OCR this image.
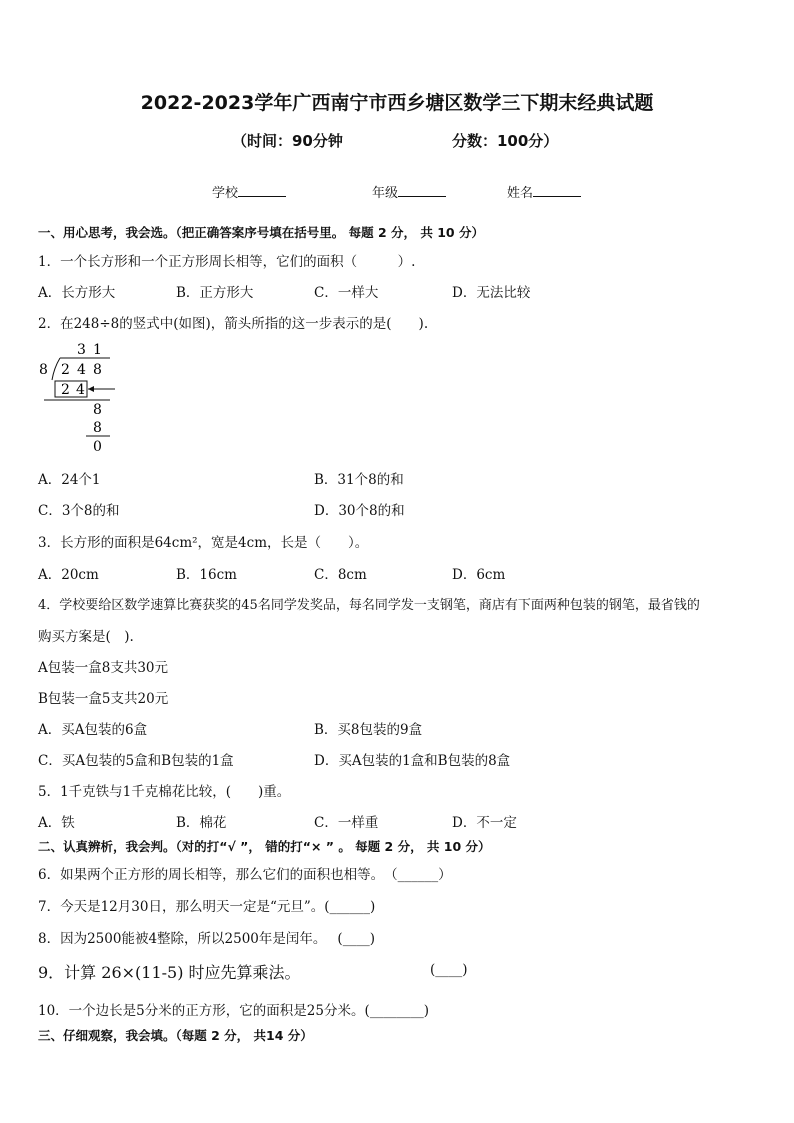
2022-2023学年广西南宁市西乡塘区数学三下期末经典试题
（时间：90分钟	分数：100分）
学校	年级	姓名
一、用心思考，我会选。（把正确答案序号填在括号里。 每题 2 分， 共 10 分）
1．一个长方形和一个正方形周长相等，它们的面积（　　　）.
A．长方形大	B．正方形大	C．一样大	D．无法比较
2．在248÷8的竖式中(如图)，箭头所指的这一步表示的是(　　).
3 1
8 2 4 8
2 4
8
8
0
A．24个1	B．31个8的和
C．3个8的和	D．30个8的和
3．长方形的面积是64cm²，宽是4cm，长是（　　）。
A．20cm	B．16cm	C．8cm	D．6cm
4．学校要给区数学速算比赛获奖的45名同学发奖品，每名同学发一支钢笔，商店有下面两种包装的钢笔，最省钱的
购买方案是(　).
A包装一盒8支共30元
B包装一盒5支共20元
A．买A包装的6盒	B．买8包装的9盒
C．买A包装的5盒和B包装的1盒	D．买A包装的1盒和B包装的8盒
5．1千克铁与1千克棉花比较，(　　)重。
A．铁	B．棉花	C．一样重	D．不一定
二、认真辨析，我会判。（对的打“√ ”， 错的打“× ” 。 每题 2 分， 共 10 分）
6．如果两个正方形的周长相等，那么它们的面积也相等。　（______）
7．今天是12月30日，那么明天一定是“元旦”。(______)
8．因为2500能被4整除，所以2500年是闰年。　 (____)
9．计算 26×(11-5) 时应先算乘法。	(____)
10．一个边长是5分米的正方形，它的面积是25分米。(________)
三、仔细观察，我会填。（每题 2 分， 共14 分）
